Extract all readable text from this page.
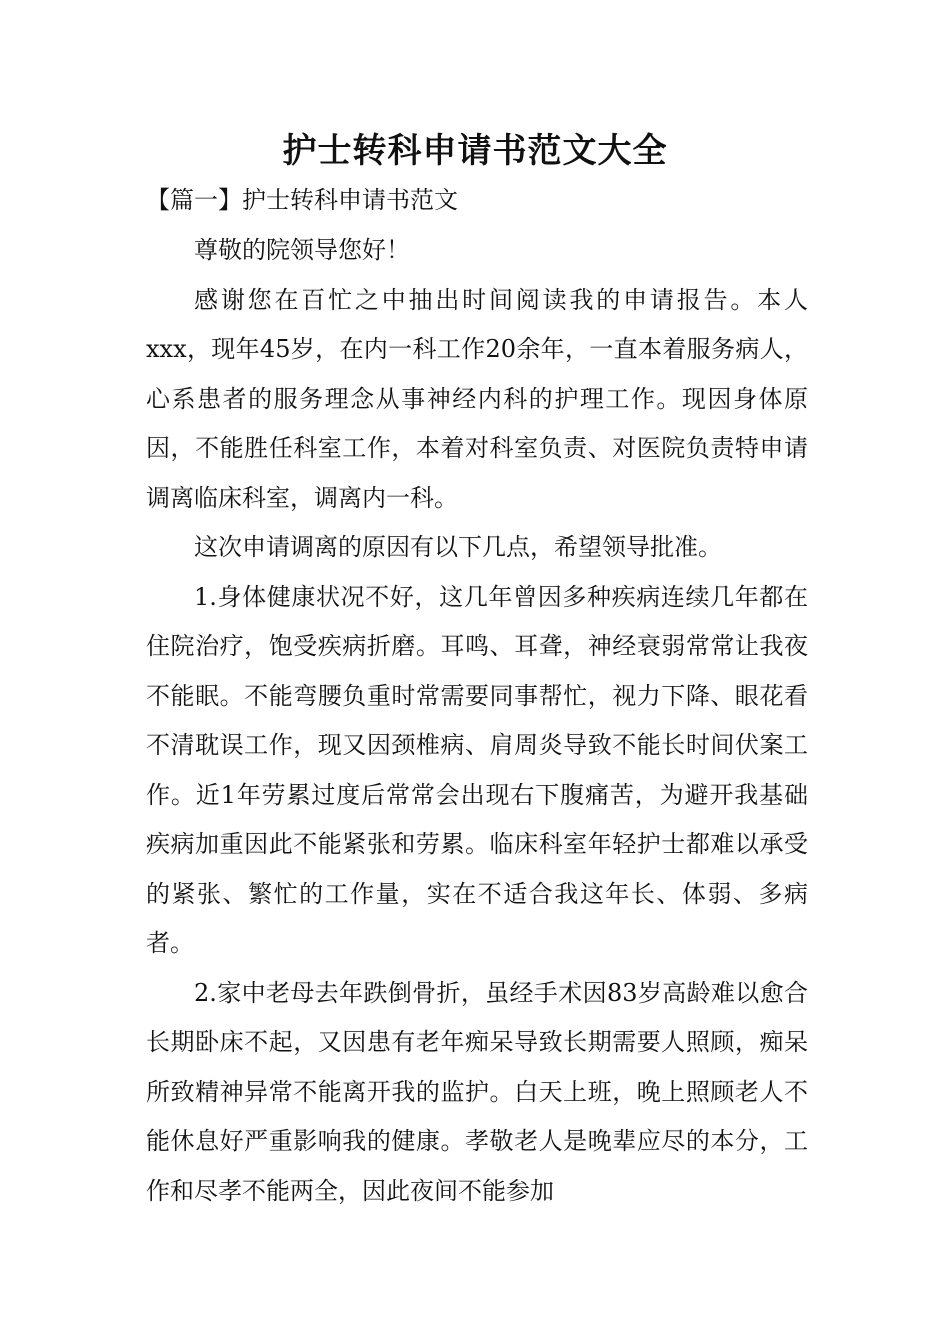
护士转科申请书范文大全
【篇一】护士转科申请书范文

尊敬的院领导您好！

感谢您在百忙之中抽出时间阅读我的申请报告。本人xxx，现年45岁，在内一科工作20余年，一直本着服务病人，心系患者的服务理念从事神经内科的护理工作。现因身体原因，不能胜任科室工作，本着对科室负责、对医院负责特申请调离临床科室，调离内一科。

这次申请调离的原因有以下几点，希望领导批准。

1.身体健康状况不好，这几年曾因多种疾病连续几年都在住院治疗，饱受疾病折磨。耳鸣、耳聋，神经衰弱常常让我夜不能眠。不能弯腰负重时常需要同事帮忙，视力下降、眼花看不清耽误工作，现又因颈椎病、肩周炎导致不能长时间伏案工作。近1年劳累过度后常常会出现右下腹痛苦，为避开我基础疾病加重因此不能紧张和劳累。临床科室年轻护士都难以承受的紧张、繁忙的工作量，实在不适合我这年长、体弱、多病者。

2.家中老母去年跌倒骨折，虽经手术因83岁高龄难以愈合长期卧床不起，又因患有老年痴呆导致长期需要人照顾，痴呆所致精神异常不能离开我的监护。白天上班，晚上照顾老人不能休息好严重影响我的健康。孝敬老人是晚辈应尽的本分，工作和尽孝不能两全，因此夜间不能参加
